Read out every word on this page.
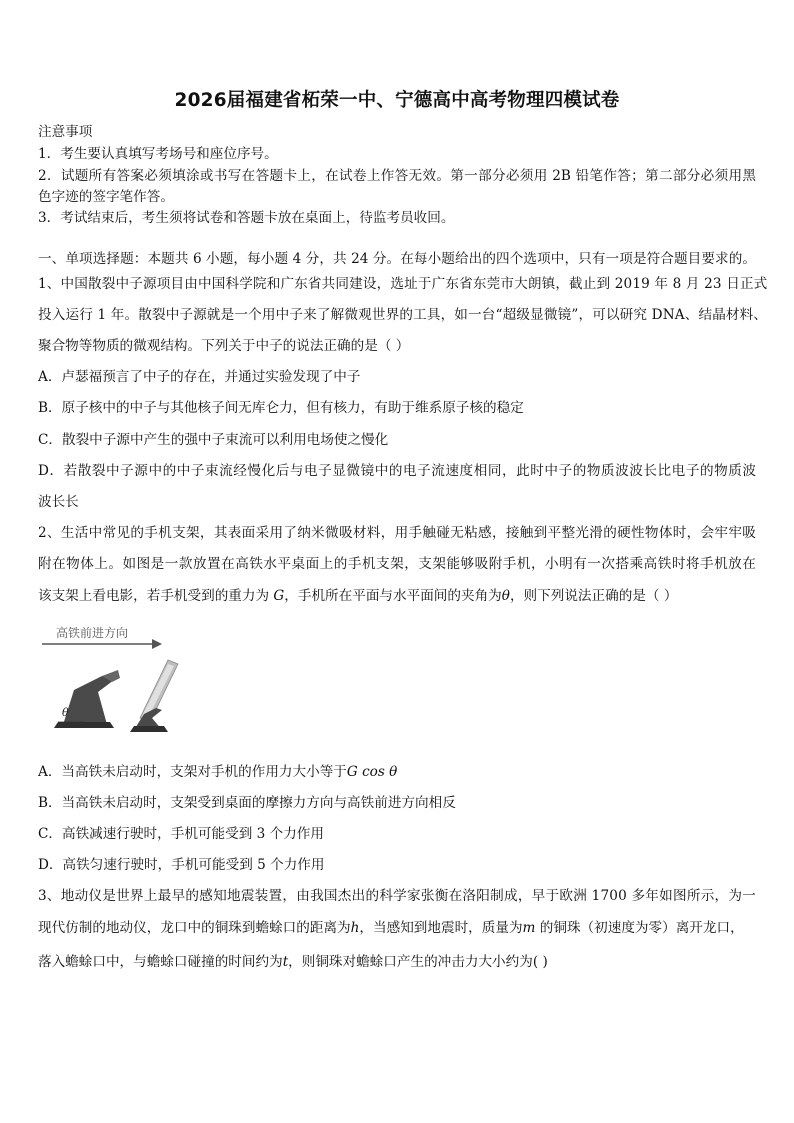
2026届福建省柘荣一中、宁德高中高考物理四模试卷
注意事项
1．考生要认真填写考场号和座位序号。
2．试题所有答案必须填涂或书写在答题卡上，在试卷上作答无效。第一部分必须用 2B 铅笔作答；第二部分必须用黑
色字迹的签字笔作答。
3．考试结束后，考生须将试卷和答题卡放在桌面上，待监考员收回。
一、单项选择题：本题共 6 小题，每小题 4 分，共 24 分。在每小题给出的四个选项中，只有一项是符合题目要求的。
1、中国散裂中子源项目由中国科学院和广东省共同建设，选址于广东省东莞市大朗镇，截止到 2019 年 8 月 23 日正式
投入运行 1 年。散裂中子源就是一个用中子来了解微观世界的工具，如一台“超级显微镜”，可以研究 DNA、结晶材料、
聚合物等物质的微观结构。下列关于中子的说法正确的是（ ）
A．卢瑟福预言了中子的存在，并通过实验发现了中子
B．原子核中的中子与其他核子间无库仑力，但有核力，有助于维系原子核的稳定
C．散裂中子源中产生的强中子束流可以利用电场使之慢化
D．若散裂中子源中的中子束流经慢化后与电子显微镜中的电子流速度相同，此时中子的物质波波长比电子的物质波
波长长
2、生活中常见的手机支架，其表面采用了纳米微吸材料，用手触碰无粘感，接触到平整光滑的硬性物体时，会牢牢吸
附在物体上。如图是一款放置在高铁水平桌面上的手机支架，支架能够吸附手机，小明有一次搭乘高铁时将手机放在
该支架上看电影，若手机受到的重力为 G，手机所在平面与水平面间的夹角为θ，则下列说法正确的是（ ）
高铁前进方向
θ
A．当高铁未启动时，支架对手机的作用力大小等于G cos θ
B．当高铁未启动时，支架受到桌面的摩擦力方向与高铁前进方向相反
C．高铁减速行驶时，手机可能受到 3 个力作用
D．高铁匀速行驶时，手机可能受到 5 个力作用
3、地动仪是世界上最早的感知地震装置，由我国杰出的科学家张衡在洛阳制成，早于欧洲 1700 多年如图所示，为一
现代仿制的地动仪，龙口中的铜珠到蟾蜍口的距离为h，当感知到地震时，质量为m 的铜珠（初速度为零）离开龙口，
落入蟾蜍口中，与蟾蜍口碰撞的时间约为t，则铜珠对蟾蜍口产生的冲击力大小约为( )
